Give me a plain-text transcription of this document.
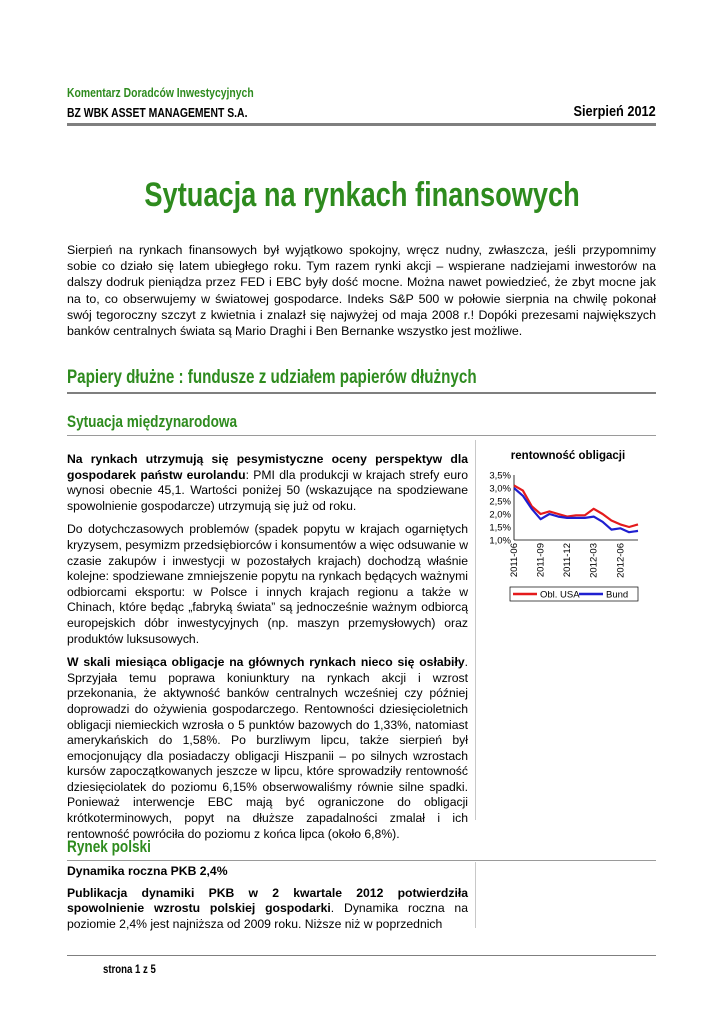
Komentarz Doradców Inwestycyjnych
BZ WBK ASSET MANAGEMENT S.A.	Sierpień 2012
Sytuacja na rynkach finansowych
Sierpień na rynkach finansowych był wyjątkowo spokojny, wręcz nudny, zwłaszcza, jeśli przypomnimy sobie co działo się latem ubiegłego roku. Tym razem rynki akcji – wspierane nadziejami inwestorów na dalszy dodruk pieniądza przez FED i EBC były dość mocne. Można nawet powiedzieć, że zbyt mocne jak na to, co obserwujemy w światowej gospodarce. Indeks S&P 500 w połowie sierpnia na chwilę pokonał swój tegoroczny szczyt z kwietnia i znalazł się najwyżej od maja 2008 r.! Dopóki prezesami największych banków centralnych świata są Mario Draghi i Ben Bernanke wszystko jest możliwe.
Papiery dłużne : fundusze z udziałem papierów dłużnych
Sytuacja międzynarodowa

Na rynkach utrzymują się pesymistyczne oceny perspektyw dla gospodarek państw eurolandu: PMI dla produkcji w krajach strefy euro wynosi obecnie 45,1. Wartości poniżej 50 (wskazujące na spodziewane spowolnienie gospodarcze) utrzymują się już od roku.

Do dotychczasowych problemów (spadek popytu w krajach ogarniętych kryzysem, pesymizm przedsiębiorców i konsumentów a więc odsuwanie w czasie zakupów i inwestycji w pozostałych krajach) dochodzą właśnie kolejne: spodziewane zmniejszenie popytu na rynkach będących ważnymi odbiorcami eksportu: w Polsce i innych krajach regionu a także w Chinach, które będąc „fabryką świata” są jednocześnie ważnym odbiorcą europejskich dóbr inwestycyjnych (np. maszyn przemysłowych) oraz produktów luksusowych.

W skali miesiąca obligacje na głównych rynkach nieco się osłabiły. Sprzyjała temu poprawa koniunktury na rynkach akcji i wzrost przekonania, że aktywność banków centralnych wcześniej czy później doprowadzi do ożywienia gospodarczego. Rentowności dziesięcioletnich obligacji niemieckich wzrosła o 5 punktów bazowych do 1,33%, natomiast amerykańskich do 1,58%. Po burzliwym lipcu, także sierpień był emocjonujący dla posiadaczy obligacji Hiszpanii – po silnych wzrostach kursów zapoczątkowanych jeszcze w lipcu, które sprowadziły rentowność dziesięciolatek do poziomu 6,15% obserwowaliśmy równie silne spadki. Ponieważ interwencje EBC mają być ograniczone do obligacji krótkoterminowych, popyt na dłuższe zapadalności zmalał i ich rentowność powróciła do poziomu z końca lipca (około 6,8%).

rentowność obligacji
1,0%
1,5%
2,0%
2,5%
3,0%
3,5%
2011-06 2011-09 2011-12 2012-03 2012-06
Obl. USA	Bund
Rynek polski

Dynamika roczna PKB 2,4%

Publikacja dynamiki PKB w 2 kwartale 2012 potwierdziła spowolnienie wzrostu polskiej gospodarki. Dynamika roczna na poziomie 2,4% jest najniższa od 2009 roku. Niższe niż w poprzednich

strona 1 z 5
